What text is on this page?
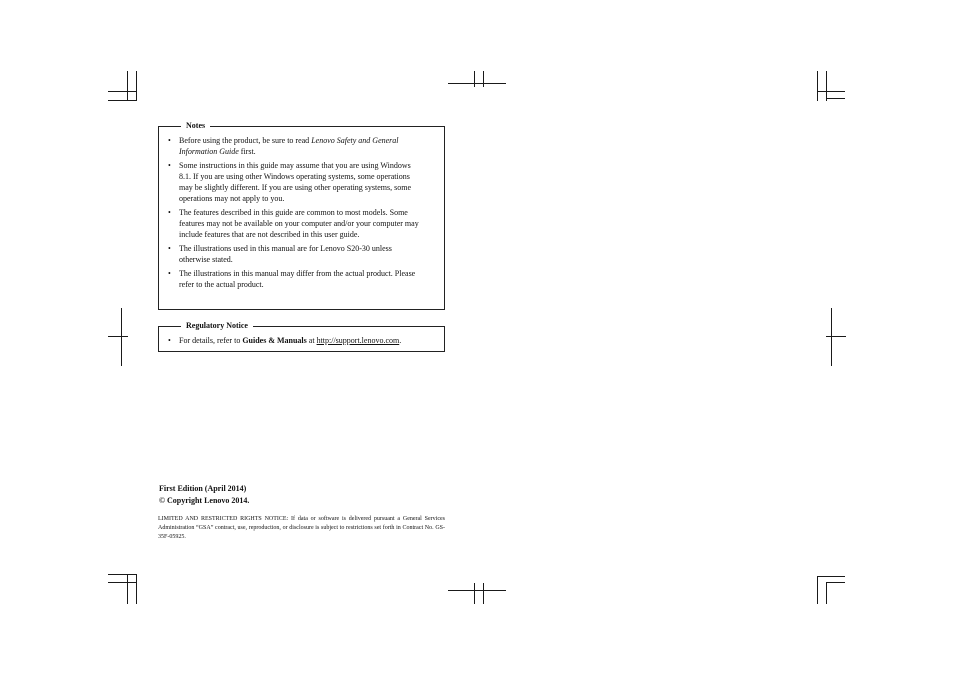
Notes
• Before using the product, be sure to read Lenovo Safety and General Information Guide first.
• Some instructions in this guide may assume that you are using Windows 8.1. If you are using other Windows operating systems, some operations may be slightly different. If you are using other operating systems, some operations may not apply to you.
• The features described in this guide are common to most models. Some features may not be available on your computer and/or your computer may include features that are not described in this user guide.
• The illustrations used in this manual are for Lenovo S20-30 unless otherwise stated.
• The illustrations in this manual may differ from the actual product. Please refer to the actual product.
Regulatory Notice
• For details, refer to Guides & Manuals at http://support.lenovo.com.
First Edition (April 2014)
© Copyright Lenovo 2014.
LIMITED AND RESTRICTED RIGHTS NOTICE: If data or software is delivered pursuant a General Services Administration “GSA” contract, use, reproduction, or disclosure is subject to restrictions set forth in Contract No. GS-35F-05925.
